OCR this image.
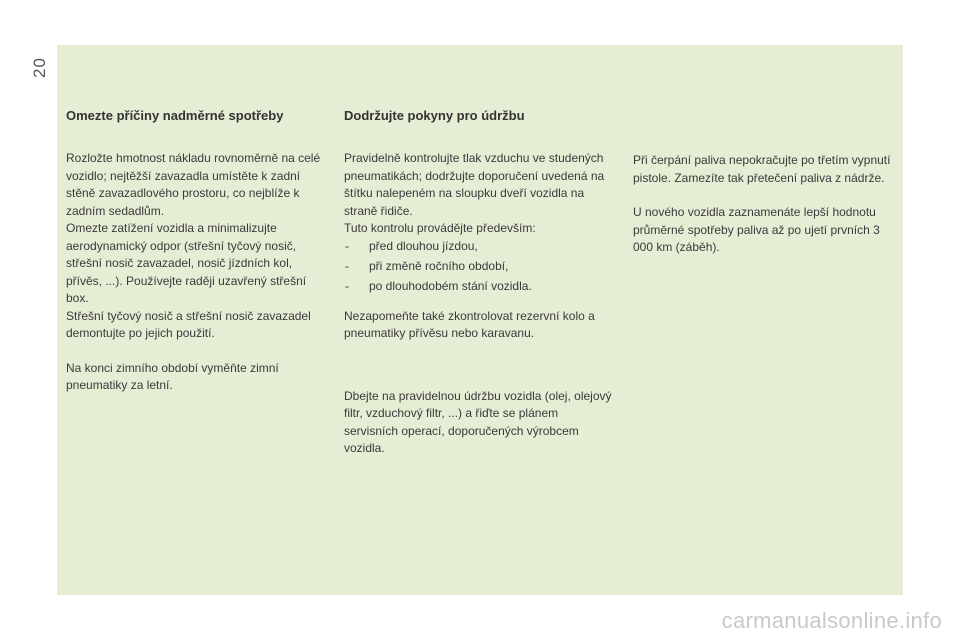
20
Omezte příčiny nadměrné spotřeby

Rozložte hmotnost nákladu rovnoměrně na celé vozidlo; nejtěžší zavazadla umístěte k zadní stěně zavazadlového prostoru, co nejblíže k zadním sedadlům.

Omezte zatížení vozidla a minimalizujte aerodynamický odpor (střešní tyčový nosič, střešní nosič zavazadel, nosič jízdních kol, přívěs, ...). Používejte raději uzavřený střešní box.

Střešní tyčový nosič a střešní nosič zavazadel demontujte po jejich použití.

Na konci zimního období vyměňte zimní pneumatiky za letní.

Dodržujte pokyny pro údržbu

Pravidelně kontrolujte tlak vzduchu ve studených pneumatikách; dodržujte doporučení uvedená na štítku nalepeném na sloupku dveří vozidla na straně řidiče.

Tuto kontrolu provádějte především:

- před dlouhou jízdou,
- při změně ročního období,
- po dlouhodobém stání vozidla.

Nezapomeňte také zkontrolovat rezervní kolo a pneumatiky přívěsu nebo karavanu.

Dbejte na pravidelnou údržbu vozidla (olej, olejový filtr, vzduchový filtr, ...) a řiďte se plánem servisních operací, doporučených výrobcem vozidla.

Při čerpání paliva nepokračujte po třetím vypnutí pistole. Zamezíte tak přetečení paliva z nádrže.

U nového vozidla zaznamenáte lepší hodnotu průměrné spotřeby paliva až po ujetí prvních 3 000 km (záběh).

carmanualsonline.info
